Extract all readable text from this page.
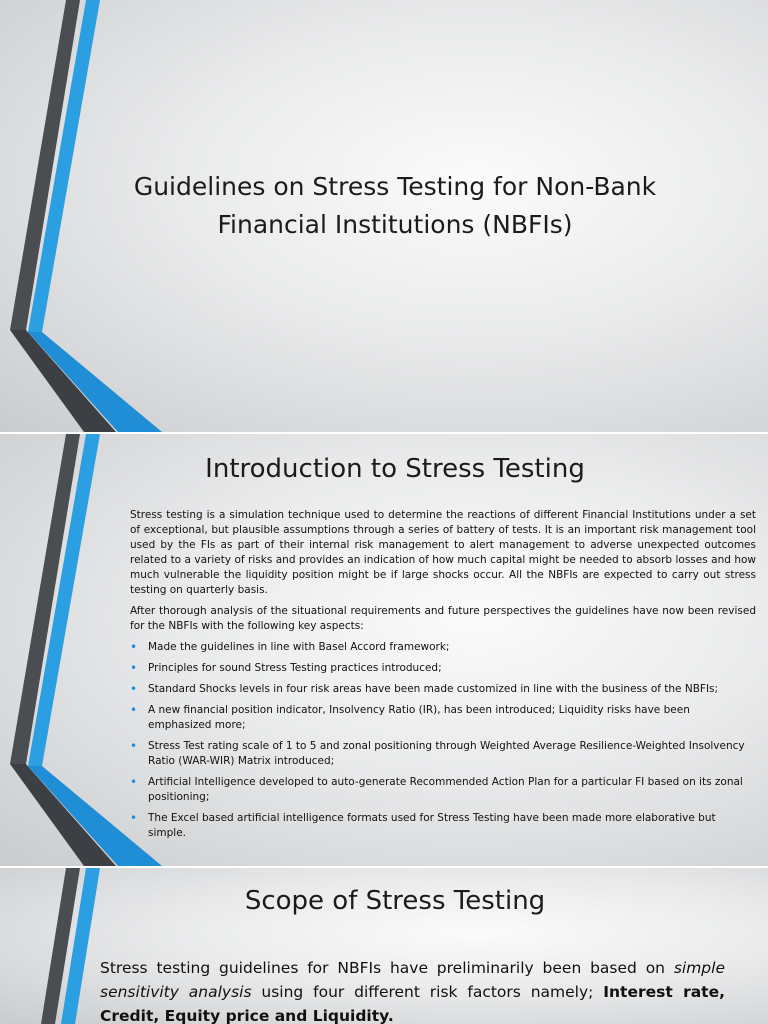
Guidelines on Stress Testing for Non-Bank
Financial Institutions (NBFIs)
Introduction to Stress Testing

Stress testing is a simulation technique used to determine the reactions of different Financial Institutions under a set of exceptional, but plausible assumptions through a series of battery of tests. It is an important risk management tool used by the FIs as part of their internal risk management to alert management to adverse unexpected outcomes related to a variety of risks and provides an indication of how much capital might be needed to absorb losses and how much vulnerable the liquidity position might be if large shocks occur. All the NBFIs are expected to carry out stress testing on quarterly basis.

After thorough analysis of the situational requirements and future perspectives the guidelines have now been revised for the NBFIs with the following key aspects:

• Made the guidelines in line with Basel Accord framework;
• Principles for sound Stress Testing practices introduced;
• Standard Shocks levels in four risk areas have been made customized in line with the business of the NBFIs;
• A new financial position indicator, Insolvency Ratio (IR), has been introduced; Liquidity risks have been emphasized more;
• Stress Test rating scale of 1 to 5 and zonal positioning through Weighted Average Resilience-Weighted Insolvency Ratio (WAR-WIR) Matrix introduced;
• Artificial Intelligence developed to auto-generate Recommended Action Plan for a particular FI based on its zonal positioning;
• The Excel based artificial intelligence formats used for Stress Testing have been made more elaborative but simple.
Scope of Stress Testing
Stress testing guidelines for NBFIs have preliminarily been based on simple sensitivity analysis using four different risk factors namely; Interest rate, Credit, Equity price and Liquidity.
